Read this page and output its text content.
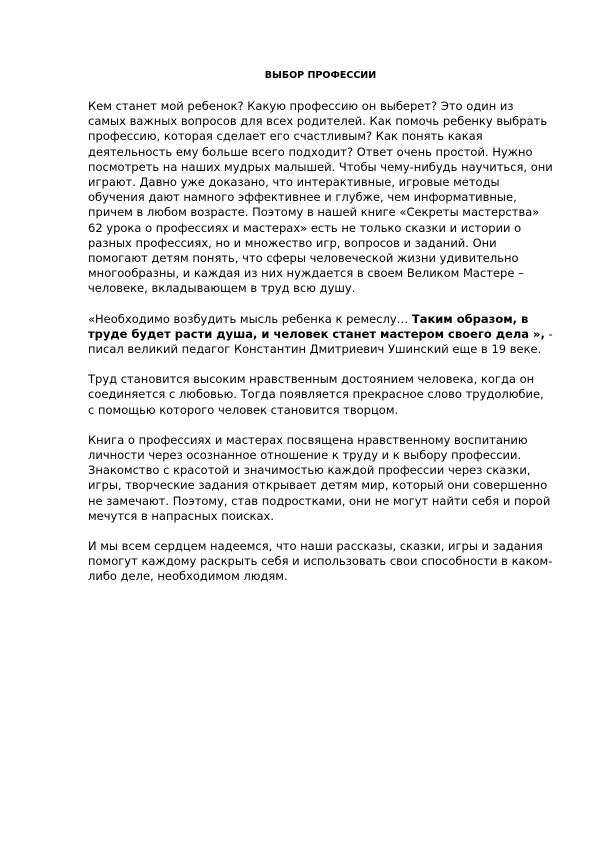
ВЫБОР ПРОФЕССИИ

Кем станет мой ребенок? Какую профессию он выберет? Это один из самых важных вопросов для всех родителей. Как помочь ребенку выбрать профессию, которая сделает его счастливым? Как понять какая деятельность ему больше всего подходит? Ответ очень простой. Нужно посмотреть на наших мудрых малышей. Чтобы чему-нибудь научиться, они играют. Давно уже доказано, что интерактивные, игровые методы обучения дают намного эффективнее и глубже, чем информативные, причем в любом возрасте. Поэтому в нашей книге «Секреты мастерства» 62 урока о профессиях и мастерах» есть не только сказки и истории о разных профессиях, но и множество игр, вопросов и заданий. Они помогают детям понять, что сферы человеческой жизни удивительно многообразны, и каждая из них нуждается в своем Великом Мастере – человеке, вкладывающем в труд всю душу.

«Необходимо возбудить мысль ребенка к ремеслу… Таким образом, в труде будет расти душа, и человек станет мастером своего дела », - писал великий педагог Константин Дмитриевич Ушинский еще в 19 веке.

Труд становится высоким нравственным достоянием человека, когда он соединяется с любовью. Тогда появляется прекрасное слово трудолюбие, с помощью которого человек становится творцом.

Книга о профессиях и мастерах посвящена нравственному воспитанию личности через осознанное отношение к труду и к выбору профессии. Знакомство с красотой и значимостью каждой профессии через сказки, игры, творческие задания открывает детям мир, который они совершенно не замечают. Поэтому, став подростками, они не могут найти себя и порой мечутся в напрасных поисках.

И мы всем сердцем надеемся, что наши рассказы, сказки, игры и задания помогут каждому раскрыть себя и использовать свои способности в каком-либо деле, необходимом людям.
